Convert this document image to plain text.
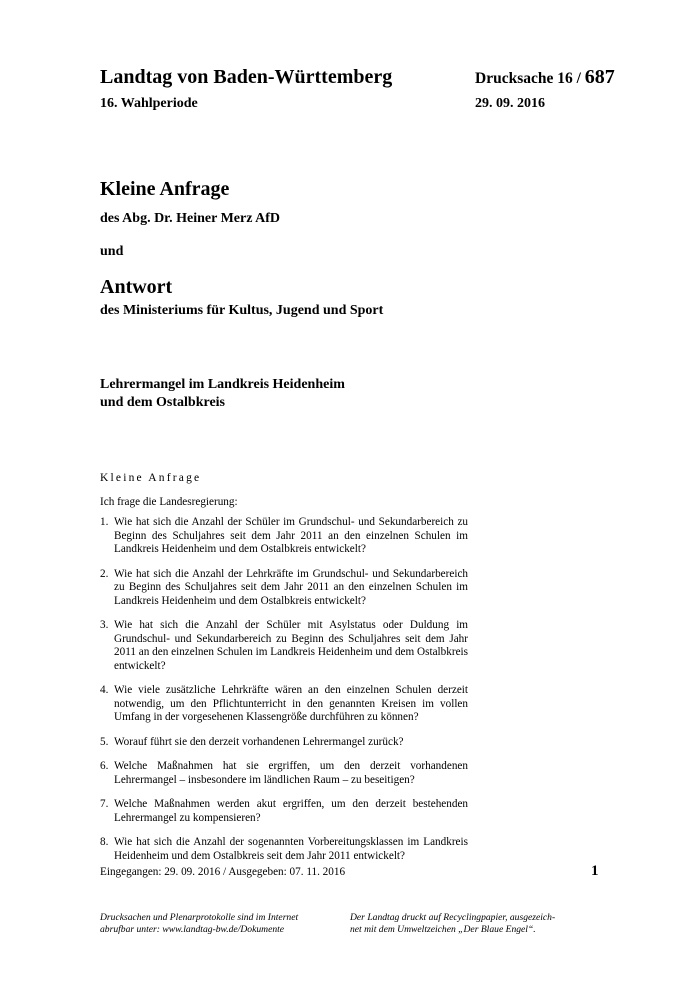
Landtag von Baden-Württemberg	Drucksache 16 / 687
16. Wahlperiode	29. 09. 2016
Kleine Anfrage
des Abg. Dr. Heiner Merz AfD
und
Antwort
des Ministeriums für Kultus, Jugend und Sport
Lehrermangel im Landkreis Heidenheim
und dem Ostalbkreis
Kleine Anfrage
Ich frage die Landesregierung:
1. Wie hat sich die Anzahl der Schüler im Grundschul- und Sekundarbereich zu Beginn des Schuljahres seit dem Jahr 2011 an den einzelnen Schulen im Landkreis Heidenheim und dem Ostalbkreis entwickelt?
2. Wie hat sich die Anzahl der Lehrkräfte im Grundschul- und Sekundarbereich zu Beginn des Schuljahres seit dem Jahr 2011 an den einzelnen Schulen im Landkreis Heidenheim und dem Ostalbkreis entwickelt?
3. Wie hat sich die Anzahl der Schüler mit Asylstatus oder Duldung im Grundschul- und Sekundarbereich zu Beginn des Schuljahres seit dem Jahr 2011 an den einzelnen Schulen im Landkreis Heidenheim und dem Ostalbkreis entwickelt?
4. Wie viele zusätzliche Lehrkräfte wären an den einzelnen Schulen derzeit notwendig, um den Pflichtunterricht in den genannten Kreisen im vollen Umfang in der vorgesehenen Klassengröße durchführen zu können?
5. Worauf führt sie den derzeit vorhandenen Lehrermangel zurück?
6. Welche Maßnahmen hat sie ergriffen, um den derzeit vorhandenen Lehrermangel – insbesondere im ländlichen Raum – zu beseitigen?
7. Welche Maßnahmen werden akut ergriffen, um den derzeit bestehenden Lehrermangel zu kompensieren?
8. Wie hat sich die Anzahl der sogenannten Vorbereitungsklassen im Landkreis Heidenheim und dem Ostalbkreis seit dem Jahr 2011 entwickelt?
Eingegangen: 29. 09. 2016 / Ausgegeben: 07. 11. 2016	1
Drucksachen und Plenarprotokolle sind im Internet
abrufbar unter: www.landtag-bw.de/Dokumente
Der Landtag druckt auf Recyclingpapier, ausgezeich-
net mit dem Umweltzeichen „Der Blaue Engel“.
